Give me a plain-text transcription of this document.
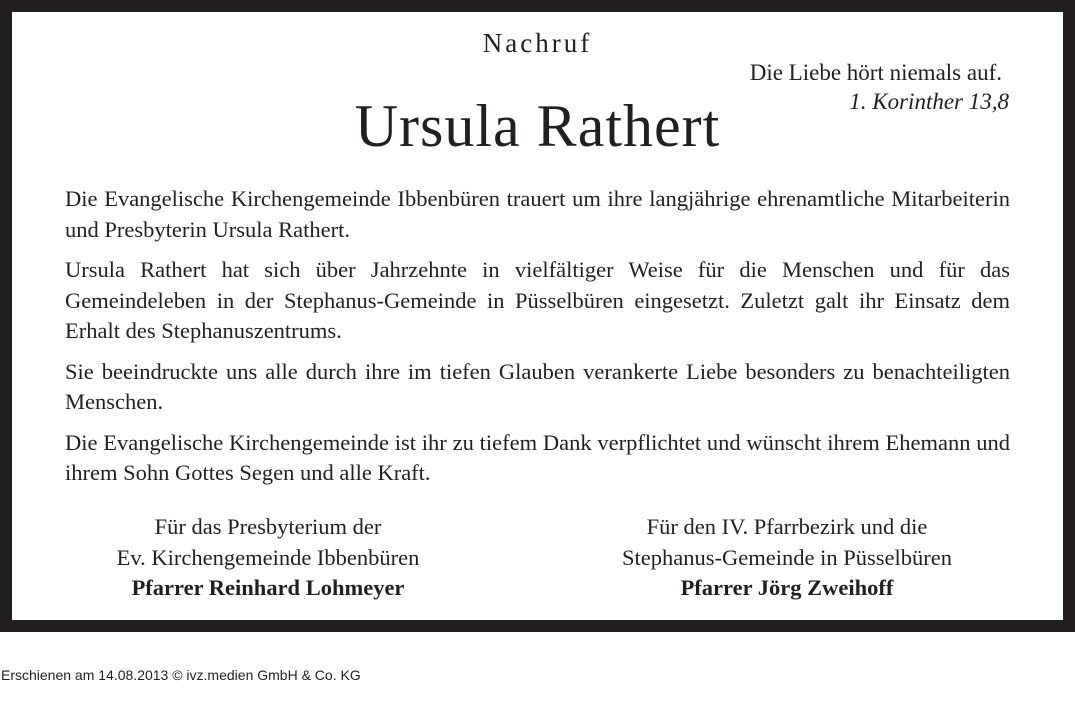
Nachruf
Die Liebe hört niemals auf.
1. Korinther 13,8
Ursula Rathert

Die Evangelische Kirchengemeinde Ibbenbüren trauert um ihre langjährige ehrenamtliche Mitarbeiterin und Presbyterin Ursula Rathert.

Ursula Rathert hat sich über Jahrzehnte in vielfältiger Weise für die Menschen und für das Gemeindeleben in der Stephanus-Gemeinde in Püsselbüren eingesetzt. Zuletzt galt ihr Einsatz dem Erhalt des Stephanuszentrums.

Sie beeindruckte uns alle durch ihre im tiefen Glauben verankerte Liebe besonders zu benachteiligten Menschen.

Die Evangelische Kirchengemeinde ist ihr zu tiefem Dank verpflichtet und wünscht ihrem Ehemann und ihrem Sohn Gottes Segen und alle Kraft.

Für das Presbyterium der
Ev. Kirchengemeinde Ibbenbüren
Pfarrer Reinhard Lohmeyer
Für den IV. Pfarrbezirk und die
Stephanus-Gemeinde in Püsselbüren
Pfarrer Jörg Zweihoff
Erschienen am 14.08.2013 © ivz.medien GmbH & Co. KG
